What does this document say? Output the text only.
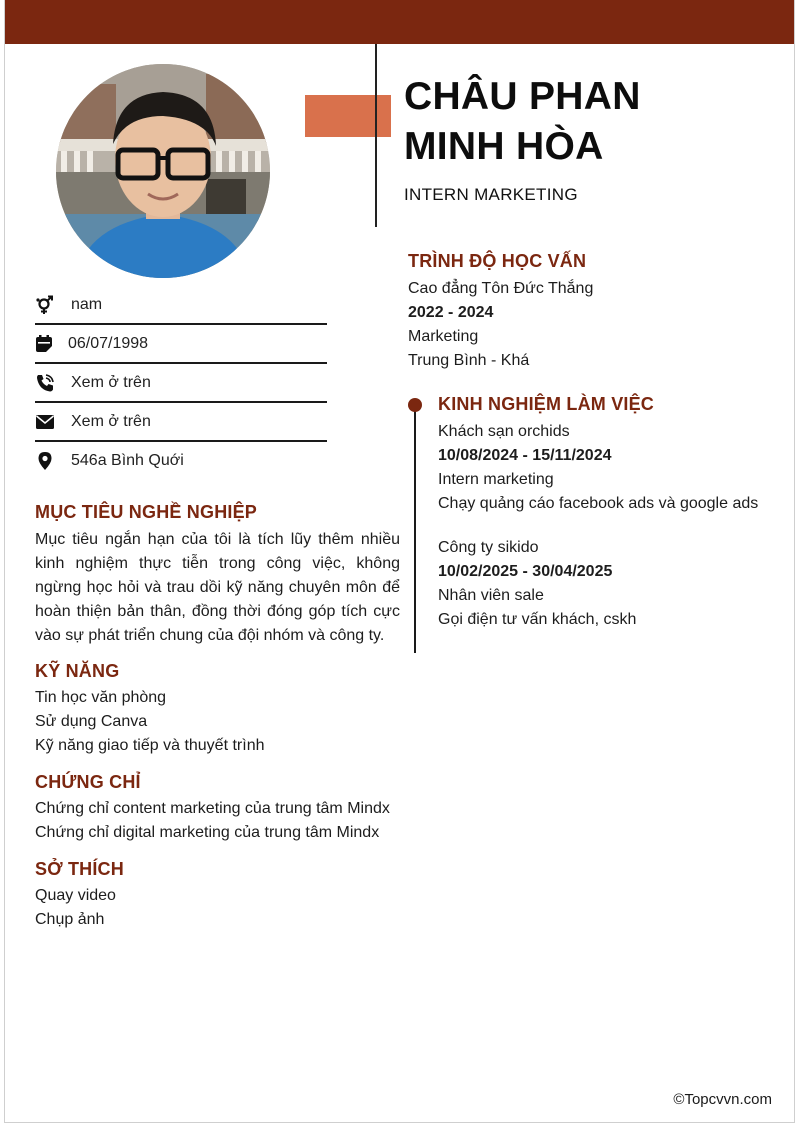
CHÂU PHAN
MINH HÒA
INTERN MARKETING
nam
06/07/1998
Xem ở trên
Xem ở trên
546a Bình Quới
MỤC TIÊU NGHỀ NGHIỆP
Mục tiêu ngắn hạn của tôi là tích lũy thêm nhiều kinh nghiệm thực tiễn trong công việc, không ngừng học hỏi và trau dồi kỹ năng chuyên môn để hoàn thiện bản thân, đồng thời đóng góp tích cực vào sự phát triển chung của đội nhóm và công ty.
KỸ NĂNG
Tin học văn phòng
Sử dụng Canva
Kỹ năng giao tiếp và thuyết trình
CHỨNG CHỈ
Chứng chỉ content marketing của trung tâm Mindx
Chứng chỉ digital marketing của trung tâm Mindx
SỞ THÍCH
Quay video
Chụp ảnh
TRÌNH ĐỘ HỌC VẤN
Cao đẳng Tôn Đức Thắng
2022 - 2024
Marketing
Trung Bình - Khá
KINH NGHIỆM LÀM VIỆC
Khách sạn orchids
10/08/2024 - 15/11/2024
Intern marketing
Chạy quảng cáo facebook ads và google ads
Công ty sikido
10/02/2025 - 30/04/2025
Nhân viên sale
Gọi điện tư vấn khách, cskh
©Topcvvn.com
